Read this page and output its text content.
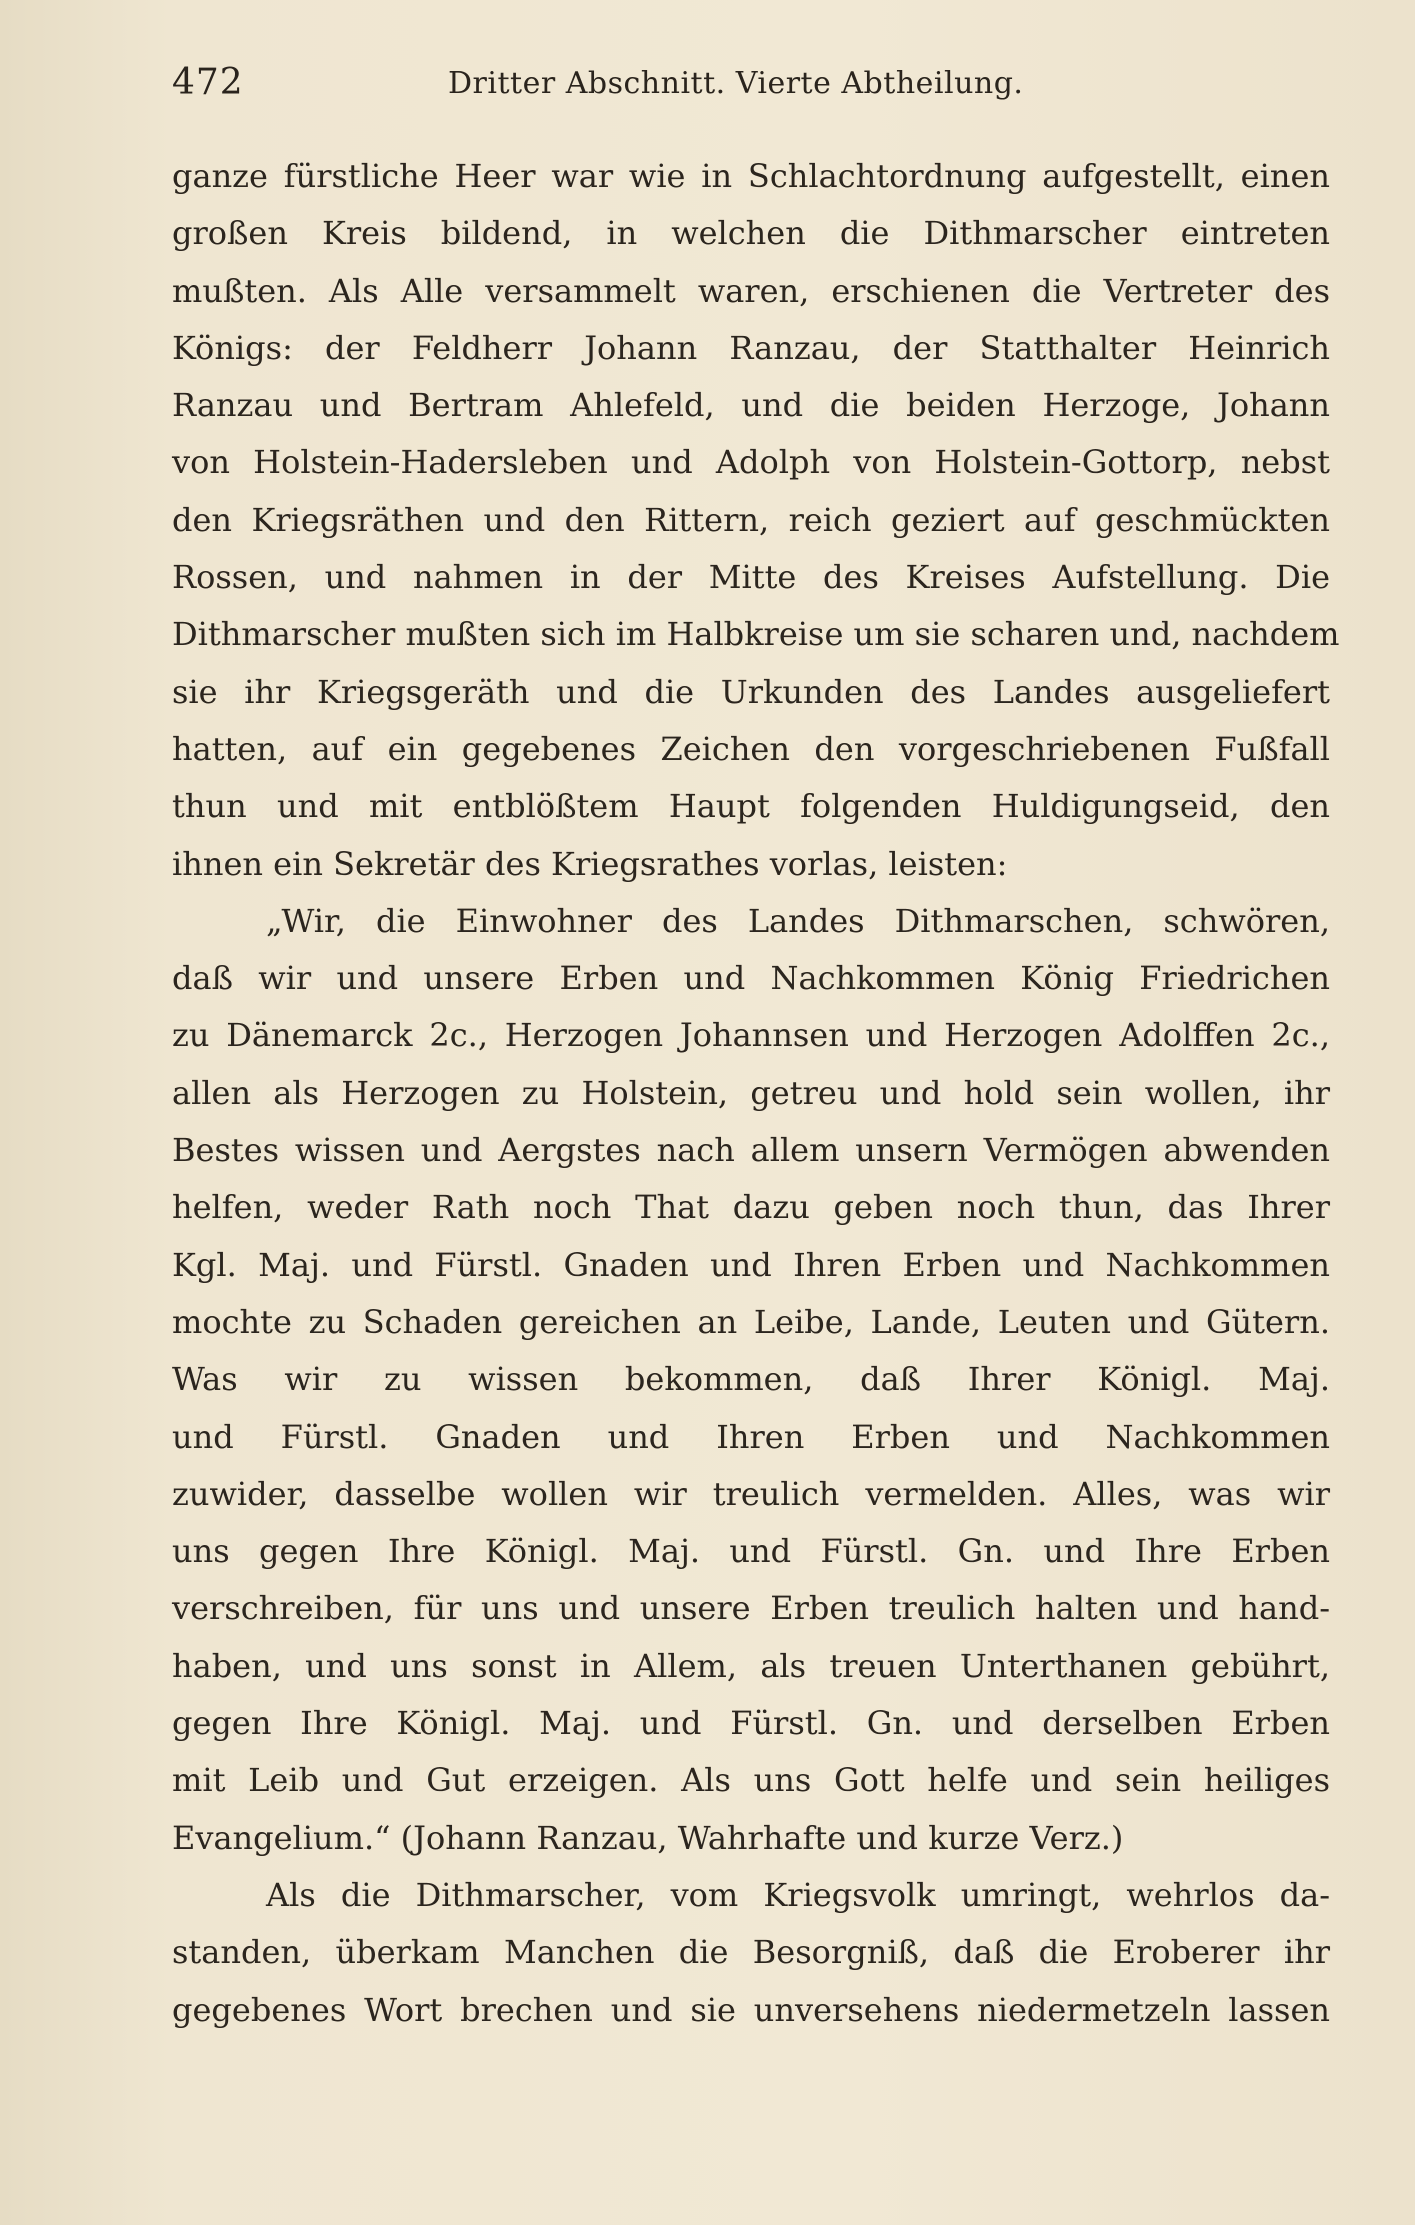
472	Dritter Abschnitt. Vierte Abtheilung.
ganze fürstliche Heer war wie in Schlachtordnung aufgestellt, einen
großen Kreis bildend, in welchen die Dithmarscher eintreten
mußten. Als Alle versammelt waren, erschienen die Vertreter des
Königs: der Feldherr Johann Ranzau, der Statthalter Heinrich
Ranzau und Bertram Ahlefeld, und die beiden Herzoge, Johann
von Holstein-Hadersleben und Adolph von Holstein-Gottorp, nebst
den Kriegsräthen und den Rittern, reich geziert auf geschmückten
Rossen, und nahmen in der Mitte des Kreises Aufstellung. Die
Dithmarscher mußten sich im Halbkreise um sie scharen und, nachdem
sie ihr Kriegsgeräth und die Urkunden des Landes ausgeliefert
hatten, auf ein gegebenes Zeichen den vorgeschriebenen Fußfall
thun und mit entblößtem Haupt folgenden Huldigungseid, den
ihnen ein Sekretär des Kriegsrathes vorlas, leisten:
„Wir, die Einwohner des Landes Dithmarschen, schwören,
daß wir und unsere Erben und Nachkommen König Friedrichen
zu Dänemarck 2c., Herzogen Johannsen und Herzogen Adolffen 2c.,
allen als Herzogen zu Holstein, getreu und hold sein wollen, ihr
Bestes wissen und Aergstes nach allem unsern Vermögen abwenden
helfen, weder Rath noch That dazu geben noch thun, das Ihrer
Kgl. Maj. und Fürstl. Gnaden und Ihren Erben und Nachkommen
mochte zu Schaden gereichen an Leibe, Lande, Leuten und Gütern.
Was wir zu wissen bekommen, daß Ihrer Königl. Maj.
und Fürstl. Gnaden und Ihren Erben und Nachkommen
zuwider, dasselbe wollen wir treulich vermelden. Alles, was wir
uns gegen Ihre Königl. Maj. und Fürstl. Gn. und Ihre Erben
verschreiben, für uns und unsere Erben treulich halten und hand-
haben, und uns sonst in Allem, als treuen Unterthanen gebührt,
gegen Ihre Königl. Maj. und Fürstl. Gn. und derselben Erben
mit Leib und Gut erzeigen. Als uns Gott helfe und sein heiliges
Evangelium.“ (Johann Ranzau, Wahrhafte und kurze Verz.)
Als die Dithmarscher, vom Kriegsvolk umringt, wehrlos da-
standen, überkam Manchen die Besorgniß, daß die Eroberer ihr
gegebenes Wort brechen und sie unversehens niedermetzeln lassen
